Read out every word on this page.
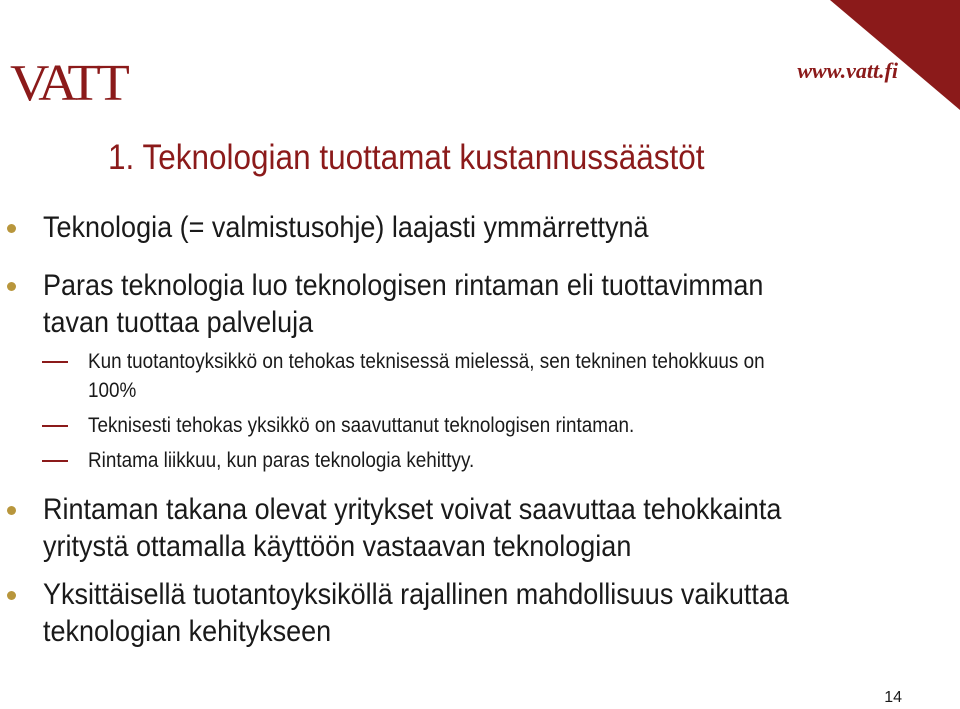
VATT	www.vatt.fi
1. Teknologian tuottamat kustannussäästöt
Teknologia (= valmistusohje) laajasti ymmärrettynä
Paras teknologia luo teknologisen rintaman eli tuottavimman
tavan tuottaa palveluja
Kun tuotantoyksikkö on tehokas teknisessä mielessä, sen tekninen tehokkuus on
100%
Teknisesti tehokas yksikkö on saavuttanut teknologisen rintaman.
Rintama liikkuu, kun paras teknologia kehittyy.
Rintaman takana olevat yritykset voivat saavuttaa tehokkainta
yritystä ottamalla käyttöön vastaavan teknologian
Yksittäisellä tuotantoyksiköllä rajallinen mahdollisuus vaikuttaa
teknologian kehitykseen
14
